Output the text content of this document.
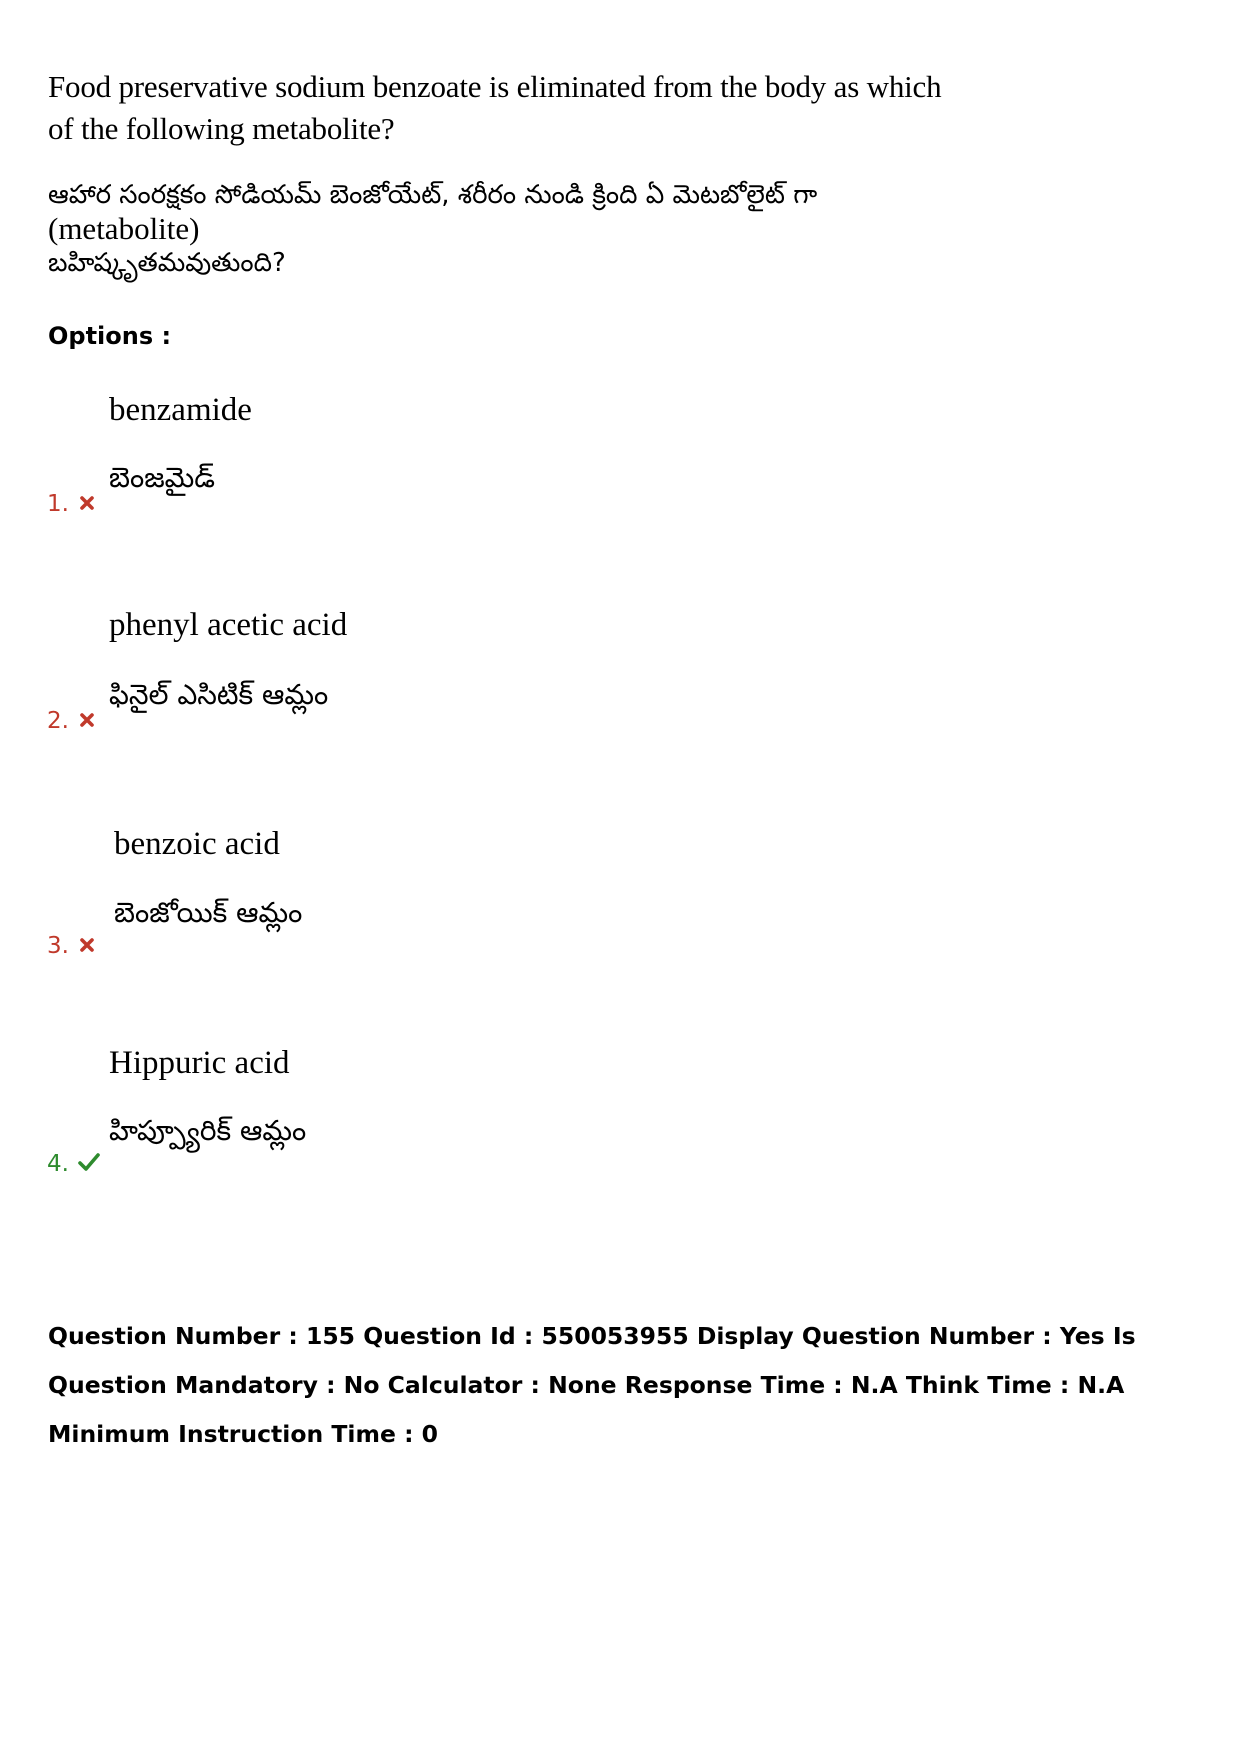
Food preservative sodium benzoate is eliminated from the body as which of the following metabolite?
ఆహార సంరక్షకం సోడియమ్ బెంజోయేట్, శరీరం నుండి క్రింది ఏ మెటబోలైట్ గా (metabolite)
బహిష్కృతమవుతుంది?
Options :
benzamide
బెంజమైడ్
1.
phenyl acetic acid
ఫినైల్ ఎసిటిక్ ఆమ్లం
2.
benzoic acid
బెంజోయిక్ ఆమ్లం
3.
Hippuric acid
హిప్ప్యూరిక్ ఆమ్లం
4.
Question Number : 155 Question Id : 550053955 Display Question Number : Yes Is Question Mandatory : No Calculator : None Response Time : N.A Think Time : N.A Minimum Instruction Time : 0
